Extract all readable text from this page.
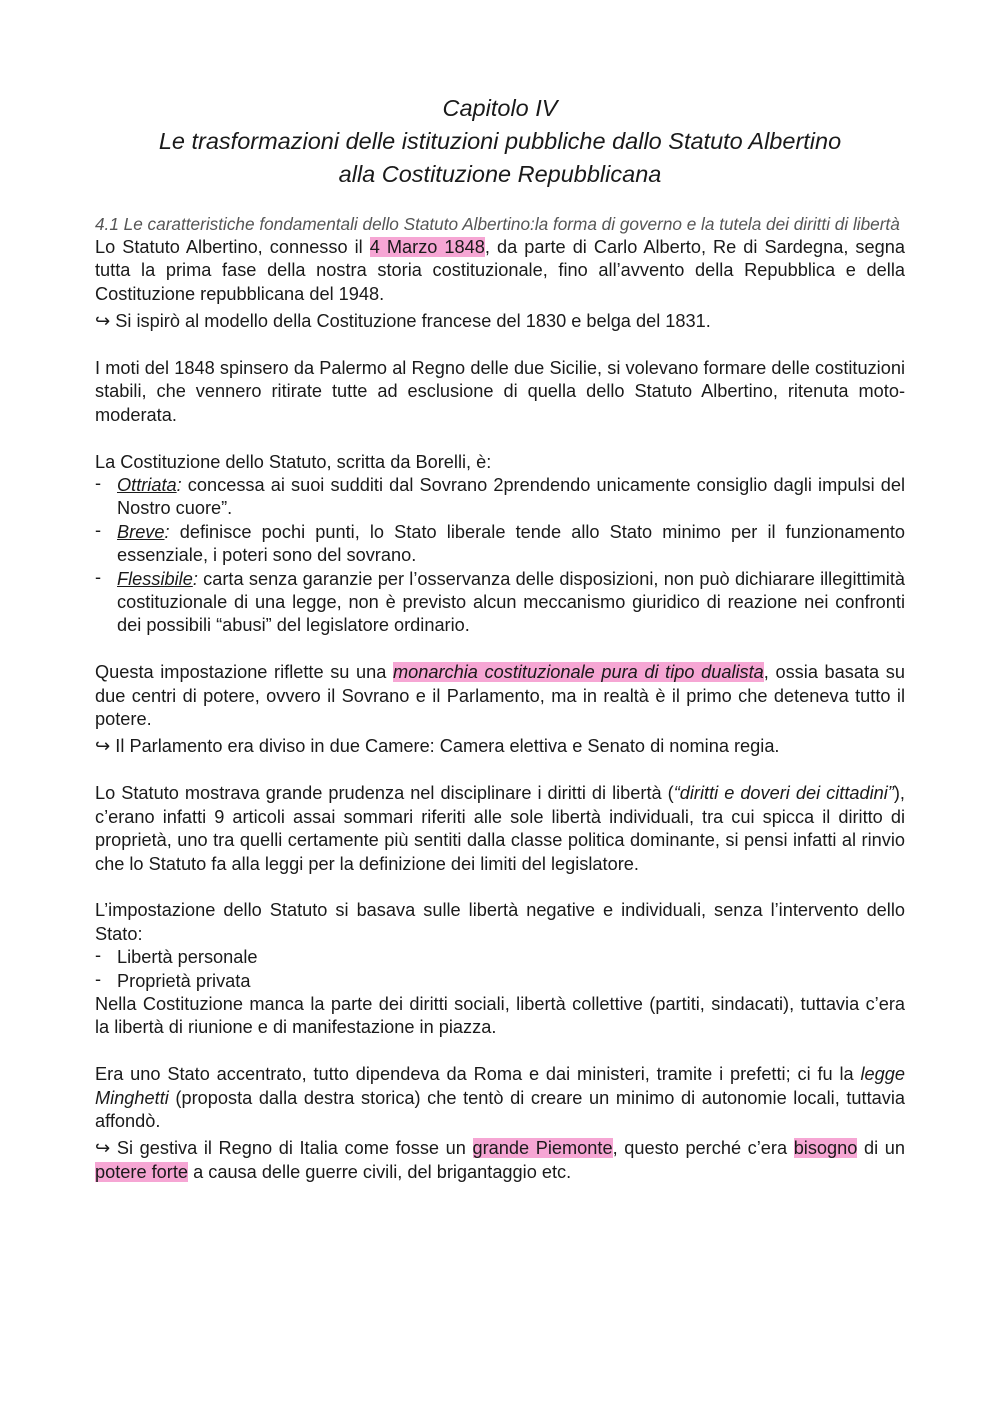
Capitolo IV
Le trasformazioni delle istituzioni pubbliche dallo Statuto Albertino
alla Costituzione Repubblicana

4.1 Le caratteristiche fondamentali dello Statuto Albertino:la forma di governo e la tutela dei diritti di libertà

Lo Statuto Albertino, connesso il 4 Marzo 1848, da parte di Carlo Alberto, Re di Sardegna, segna tutta la prima fase della nostra storia costituzionale, fino all’avvento della Repubblica e della Costituzione repubblicana del 1948.

↪ Si ispirò al modello della Costituzione francese del 1830 e belga del 1831.

I moti del 1848 spinsero da Palermo al Regno delle due Sicilie, si volevano formare delle costituzioni stabili, che vennero ritirate tutte ad esclusione di quella dello Statuto Albertino, ritenuta moto-moderata.

La Costituzione dello Statuto, scritta da Borelli, è:

- Ottriata: concessa ai suoi sudditi dal Sovrano 2prendendo unicamente consiglio dagli impulsi del Nostro cuore”.
- Breve: definisce pochi punti, lo Stato liberale tende allo Stato minimo per il funzionamento essenziale, i poteri sono del sovrano.
- Flessibile: carta senza garanzie per l’osservanza delle disposizioni, non può dichiarare illegittimità costituzionale di una legge, non è previsto alcun meccanismo giuridico di reazione nei confronti dei possibili “abusi” del legislatore ordinario.

Questa impostazione riflette su una monarchia costituzionale pura di tipo dualista, ossia basata su due centri di potere, ovvero il Sovrano e il Parlamento, ma in realtà è il primo che deteneva tutto il potere.

↪ Il Parlamento era diviso in due Camere: Camera elettiva e Senato di nomina regia.

Lo Statuto mostrava grande prudenza nel disciplinare i diritti di libertà (“diritti e doveri dei cittadini”), c’erano infatti 9 articoli assai sommari riferiti alle sole libertà individuali, tra cui spicca il diritto di proprietà, uno tra quelli certamente più sentiti dalla classe politica dominante, si pensi infatti al rinvio che lo Statuto fa alla leggi per la definizione dei limiti del legislatore.

L’impostazione dello Statuto si basava sulle libertà negative e individuali, senza l’intervento dello Stato:

- Libertà personale
- Proprietà privata

Nella Costituzione manca la parte dei diritti sociali, libertà collettive (partiti, sindacati), tuttavia c’era la libertà di riunione e di manifestazione in piazza.

Era uno Stato accentrato, tutto dipendeva da Roma e dai ministeri, tramite i prefetti; ci fu la legge Minghetti (proposta dalla destra storica) che tentò di creare un minimo di autonomie locali, tuttavia affondò.

↪ Si gestiva il Regno di Italia come fosse un grande Piemonte, questo perché c’era bisogno di un potere forte a causa delle guerre civili, del brigantaggio etc.
